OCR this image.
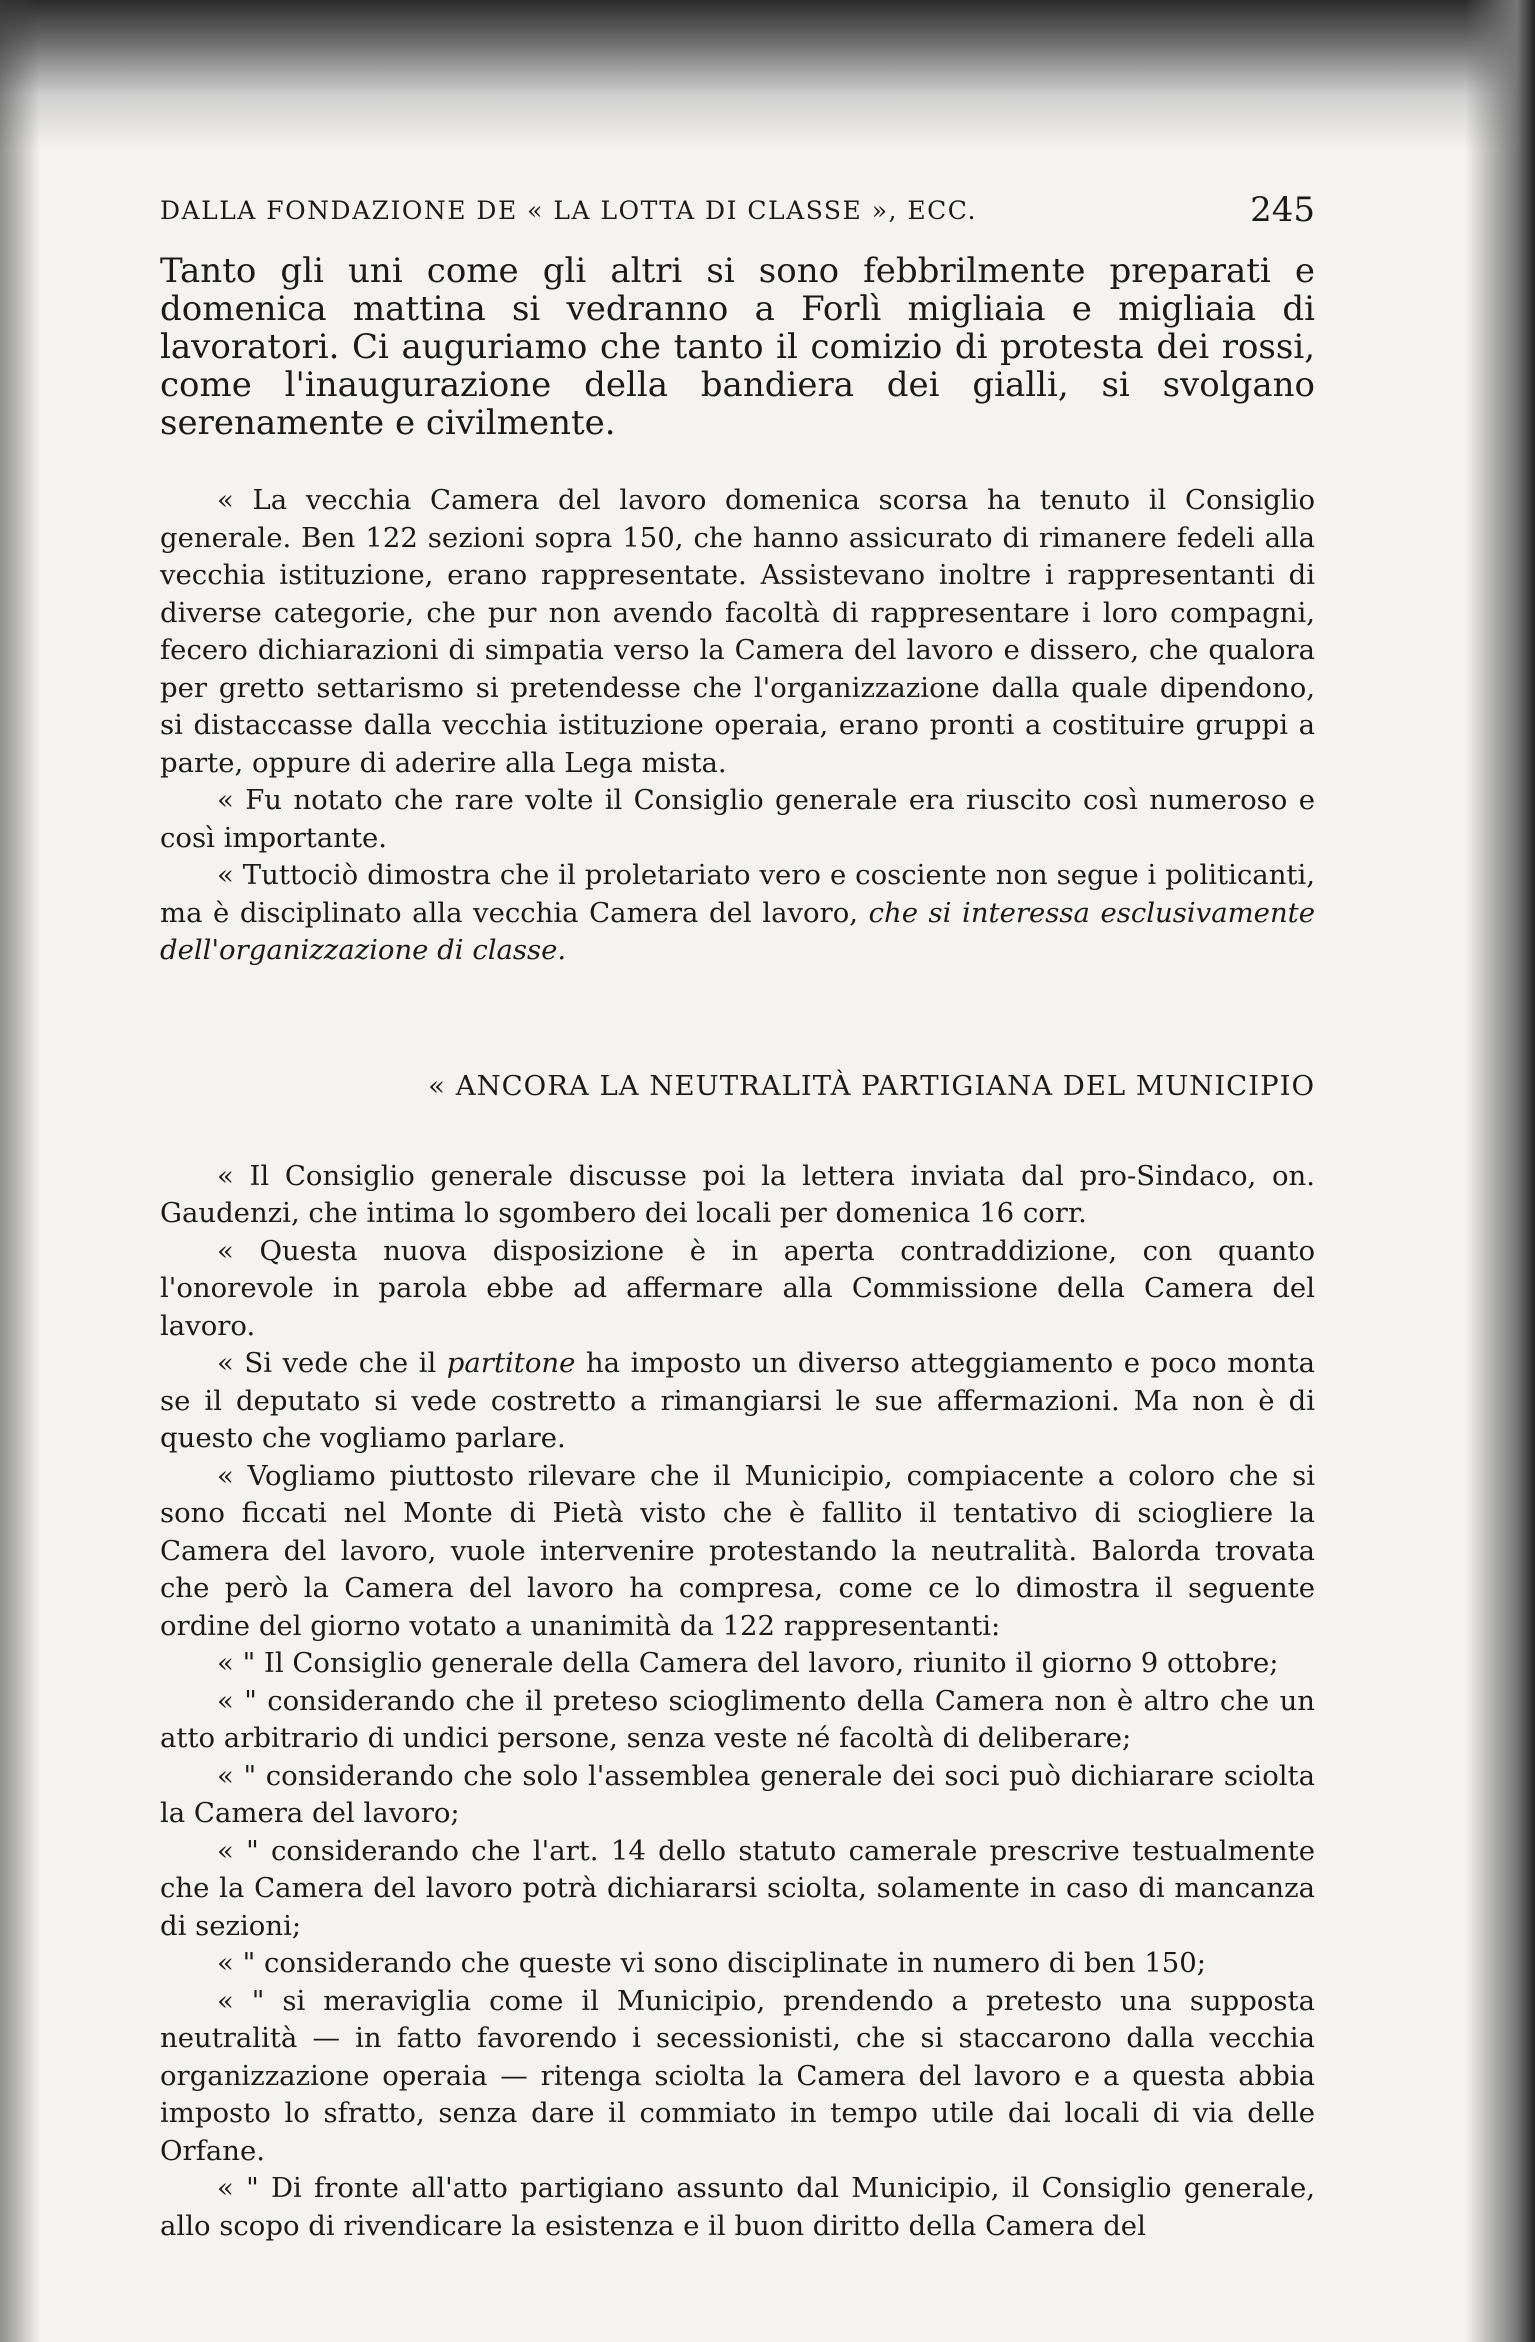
DALLA FONDAZIONE DE « LA LOTTA DI CLASSE », ECC.	245

Tanto gli uni come gli altri si sono febbrilmente preparati e domenica mattina si vedranno a Forlì migliaia e migliaia di lavoratori. Ci auguriamo che tanto il comizio di protesta dei rossi, come l'inaugurazione della bandiera dei gialli, si svolgano serenamente e civilmente.

« La vecchia Camera del lavoro domenica scorsa ha tenuto il Consiglio generale. Ben 122 sezioni sopra 150, che hanno assicurato di rimanere fedeli alla vecchia istituzione, erano rappresentate. Assistevano inoltre i rappresentanti di diverse categorie, che pur non avendo facoltà di rappresentare i loro compagni, fecero dichiarazioni di simpatia verso la Camera del lavoro e dissero, che qualora per gretto settarismo si pretendesse che l'organizzazione dalla quale dipendono, si distaccasse dalla vecchia istituzione operaia, erano pronti a costituire gruppi a parte, oppure di aderire alla Lega mista.

« Fu notato che rare volte il Consiglio generale era riuscito così numeroso e così importante.

« Tuttociò dimostra che il proletariato vero e cosciente non segue i politicanti, ma è disciplinato alla vecchia Camera del lavoro, che si interessa esclusivamente dell'organizzazione di classe.

« ANCORA LA NEUTRALITÀ PARTIGIANA DEL MUNICIPIO

« Il Consiglio generale discusse poi la lettera inviata dal pro-Sindaco, on. Gaudenzi, che intima lo sgombero dei locali per domenica 16 corr.

« Questa nuova disposizione è in aperta contraddizione, con quanto l'onorevole in parola ebbe ad affermare alla Commissione della Camera del lavoro.

« Si vede che il partitone ha imposto un diverso atteggiamento e poco monta se il deputato si vede costretto a rimangiarsi le sue affermazioni. Ma non è di questo che vogliamo parlare.

« Vogliamo piuttosto rilevare che il Municipio, compiacente a coloro che si sono ficcati nel Monte di Pietà visto che è fallito il tentativo di sciogliere la Camera del lavoro, vuole intervenire protestando la neutralità. Balorda trovata che però la Camera del lavoro ha compresa, come ce lo dimostra il seguente ordine del giorno votato a unanimità da 122 rappresentanti:

« " Il Consiglio generale della Camera del lavoro, riunito il giorno 9 ottobre;

« " considerando che il preteso scioglimento della Camera non è altro che un atto arbitrario di undici persone, senza veste né facoltà di deliberare;

« " considerando che solo l'assemblea generale dei soci può dichiarare sciolta la Camera del lavoro;

« " considerando che l'art. 14 dello statuto camerale prescrive testualmente che la Camera del lavoro potrà dichiararsi sciolta, solamente in caso di mancanza di sezioni;

« " considerando che queste vi sono disciplinate in numero di ben 150;

« " si meraviglia come il Municipio, prendendo a pretesto una supposta neutralità — in fatto favorendo i secessionisti, che si staccarono dalla vecchia organizzazione operaia — ritenga sciolta la Camera del lavoro e a questa abbia imposto lo sfratto, senza dare il commiato in tempo utile dai locali di via delle Orfane.

« " Di fronte all'atto partigiano assunto dal Municipio, il Consiglio generale, allo scopo di rivendicare la esistenza e il buon diritto della Camera del
